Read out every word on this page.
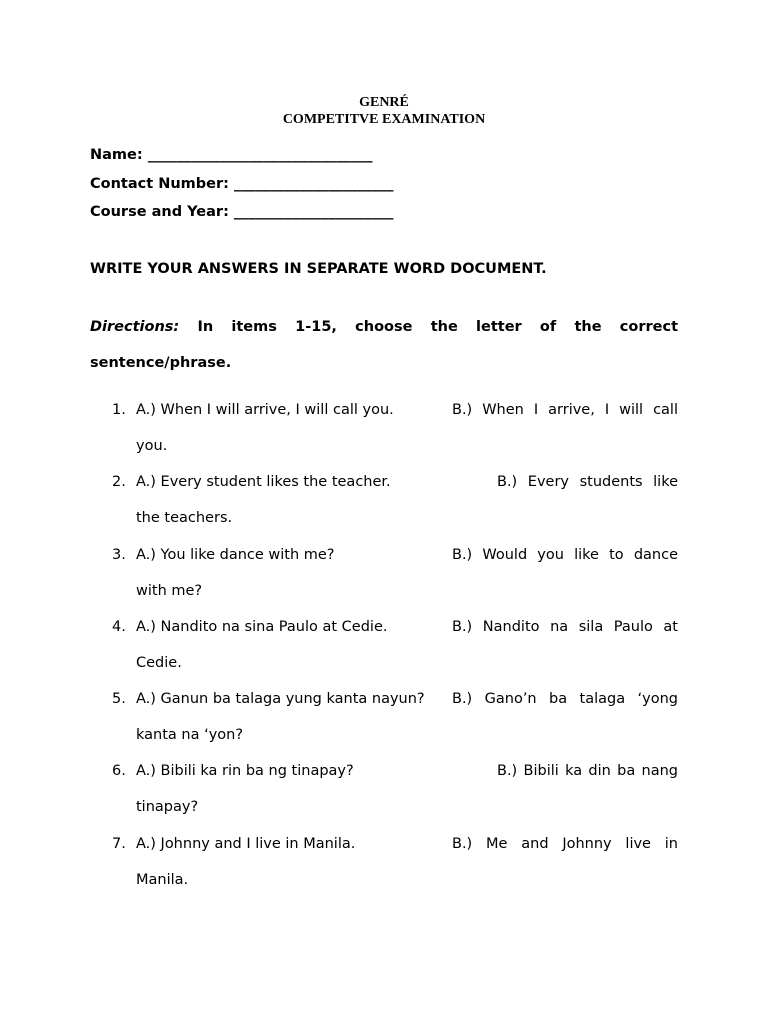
GENRÉ
COMPETITVE EXAMINATION
Name: _______________________________
Contact Number: ______________________
Course and Year: ______________________
WRITE YOUR ANSWERS IN SEPARATE WORD DOCUMENT.
Directions: In items 1-15, choose the letter of the correct sentence/phrase.
1. A.) When I will arrive, I will call you.	B.) When I arrive, I will call
you.
2. A.) Every student likes the teacher.	B.) Every students like
the teachers.
3. A.) You like dance with me?	B.) Would you like to dance
with me?
4. A.) Nandito na sina Paulo at Cedie.	B.) Nandito na sila Paulo at
Cedie.
5. A.) Ganun ba talaga yung kanta nayun? B.) Gano’n ba talaga ‘yong
kanta na ‘yon?
6. A.) Bibili ka rin ba ng tinapay?	B.) Bibili ka din ba nang
tinapay?
7. A.) Johnny and I live in Manila.	B.) Me and Johnny live in
Manila.
